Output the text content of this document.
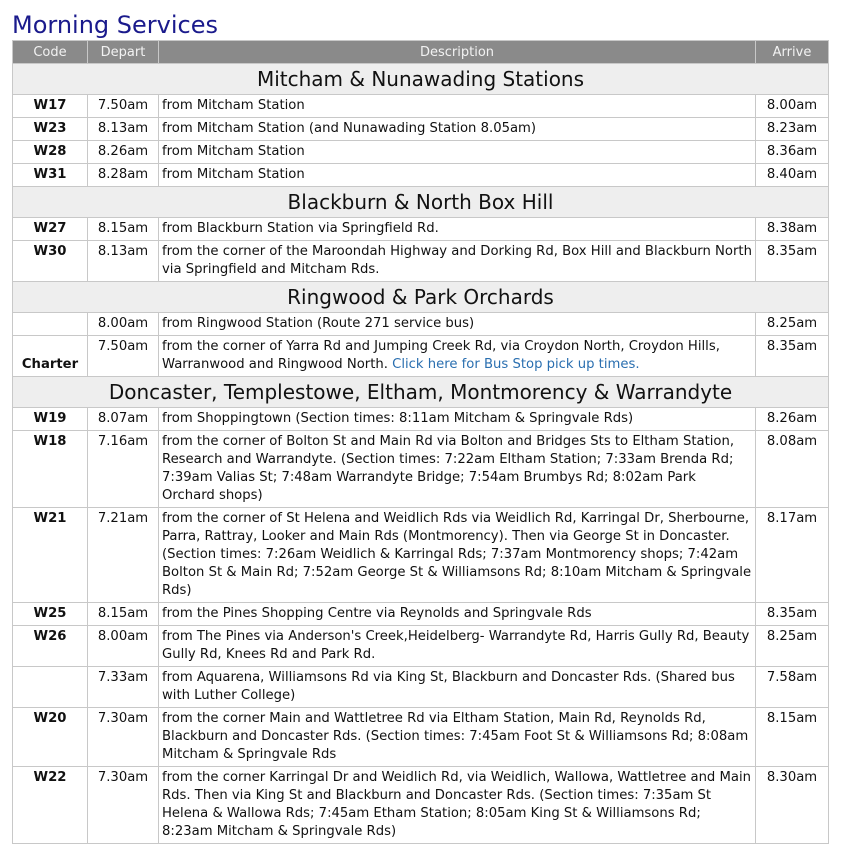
Morning Services
Code	Depart	Description	Arrive
Mitcham & Nunawading Stations			
W17	7.50am	from Mitcham Station	8.00am
W23	8.13am	from Mitcham Station (and Nunawading Station 8.05am)	8.23am
W28	8.26am	from Mitcham Station	8.36am
W31	8.28am	from Mitcham Station	8.40am
Blackburn & North Box Hill			
W27	8.15am	from Blackburn Station via Springfield Rd.	8.38am
W30	8.13am	from the corner of the Maroondah Highway and Dorking Rd, Box Hill and Blackburn North via Springfield and Mitcham Rds.	8.35am
Ringwood & Park Orchards			
	8.00am	from Ringwood Station (Route 271 service bus)	8.25am
Charter	7.50am	from the corner of Yarra Rd and Jumping Creek Rd, via Croydon North, Croydon Hills, Warranwood and Ringwood North. Click here for Bus Stop pick up times.	8.35am
Doncaster, Templestowe, Eltham, Montmorency & Warrandyte			
W19	8.07am	from Shoppingtown (Section times: 8:11am Mitcham & Springvale Rds)	8.26am
W18	7.16am	from the corner of Bolton St and Main Rd via Bolton and Bridges Sts to Eltham Station, Research and Warrandyte. (Section times: 7:22am Eltham Station; 7:33am Brenda Rd; 7:39am Valias St; 7:48am Warrandyte Bridge; 7:54am Brumbys Rd; 8:02am Park Orchard shops)	8.08am
W21	7.21am	from the corner of St Helena and Weidlich Rds via Weidlich Rd, Karringal Dr, Sherbourne, Parra, Rattray, Looker and Main Rds (Montmorency). Then via George St in Doncaster. (Section times: 7:26am Weidlich & Karringal Rds; 7:37am Montmorency shops; 7:42am Bolton St & Main Rd; 7:52am George St & Williamsons Rd; 8:10am Mitcham & Springvale Rds)	8.17am
W25	8.15am	from the Pines Shopping Centre via Reynolds and Springvale Rds	8.35am
W26	8.00am	from The Pines via Anderson's Creek,Heidelberg- Warrandyte Rd, Harris Gully Rd, Beauty Gully Rd, Knees Rd and Park Rd.	8.25am
	7.33am	from Aquarena, Williamsons Rd via King St, Blackburn and Doncaster Rds. (Shared bus with Luther College)	7.58am
W20	7.30am	from the corner Main and Wattletree Rd via Eltham Station, Main Rd, Reynolds Rd, Blackburn and Doncaster Rds. (Section times: 7:45am Foot St & Williamsons Rd; 8:08am Mitcham & Springvale Rds	8.15am
W22	7.30am	from the corner Karringal Dr and Weidlich Rd, via Weidlich, Wallowa, Wattletree and Main Rds. Then via King St and Blackburn and Doncaster Rds. (Section times: 7:35am St Helena & Wallowa Rds; 7:45am Etham Station; 8:05am King St & Williamsons Rd; 8:23am Mitcham & Springvale Rds)	8.30am
